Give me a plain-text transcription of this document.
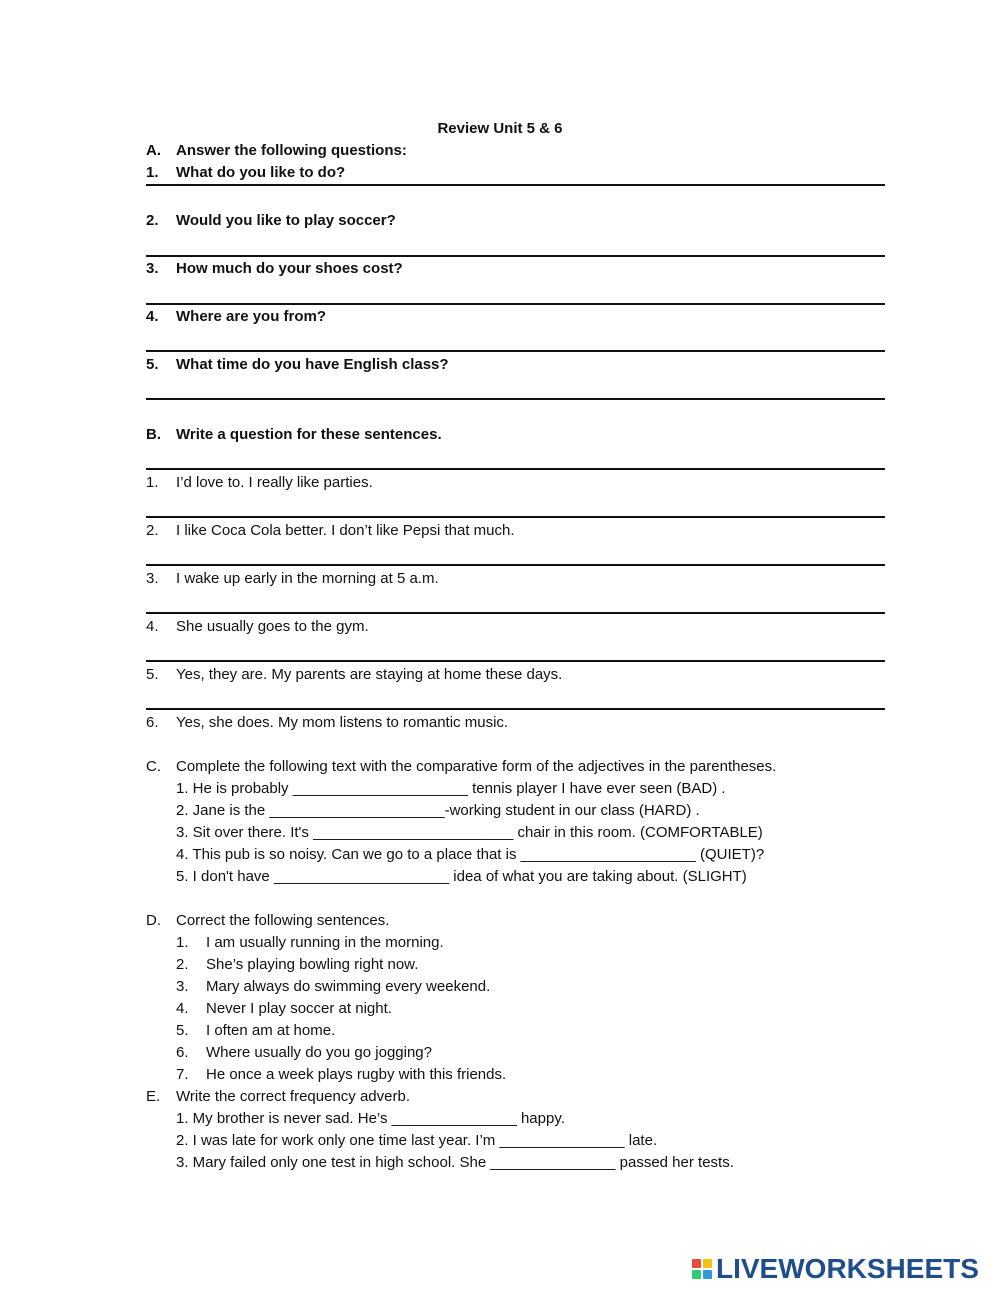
Review Unit 5 & 6
A. Answer the following questions:
1. What do you like to do?
2. Would you like to play soccer?
3. How much do your shoes cost?
4. Where are you from?
5. What time do you have English class?
B. Write a question for these sentences.
1. I’d love to. I really like parties.
2. I like Coca Cola better. I don’t like Pepsi that much.
3. I wake up early in the morning at 5 a.m.
4. She usually goes to the gym.
5. Yes, they are. My parents are staying at home these days.
6. Yes, she does. My mom listens to romantic music.
C. Complete the following text with the comparative form of the adjectives in the parentheses.
1. He is probably _____________________ tennis player I have ever seen (BAD) .
2. Jane is the _____________________-working student in our class (HARD) .
3. Sit over there. It's ________________________ chair in this room. (COMFORTABLE)
4. This pub is so noisy. Can we go to a place that is _____________________ (QUIET)?
5. I don't have _____________________ idea of what you are taking about. (SLIGHT)
D. Correct the following sentences.
1. I am usually running in the morning.
2. She’s playing bowling right now.
3. Mary always do swimming every weekend.
4. Never I play soccer at night.
5. I often am at home.
6. Where usually do you go jogging?
7. He once a week plays rugby with this friends.
E. Write the correct frequency adverb.
1. My brother is never sad. He’s _______________ happy.
2. I was late for work only one time last year. I’m _______________ late.
3. Mary failed only one test in high school. She _______________ passed her tests.
LIVEWORKSHEETS
